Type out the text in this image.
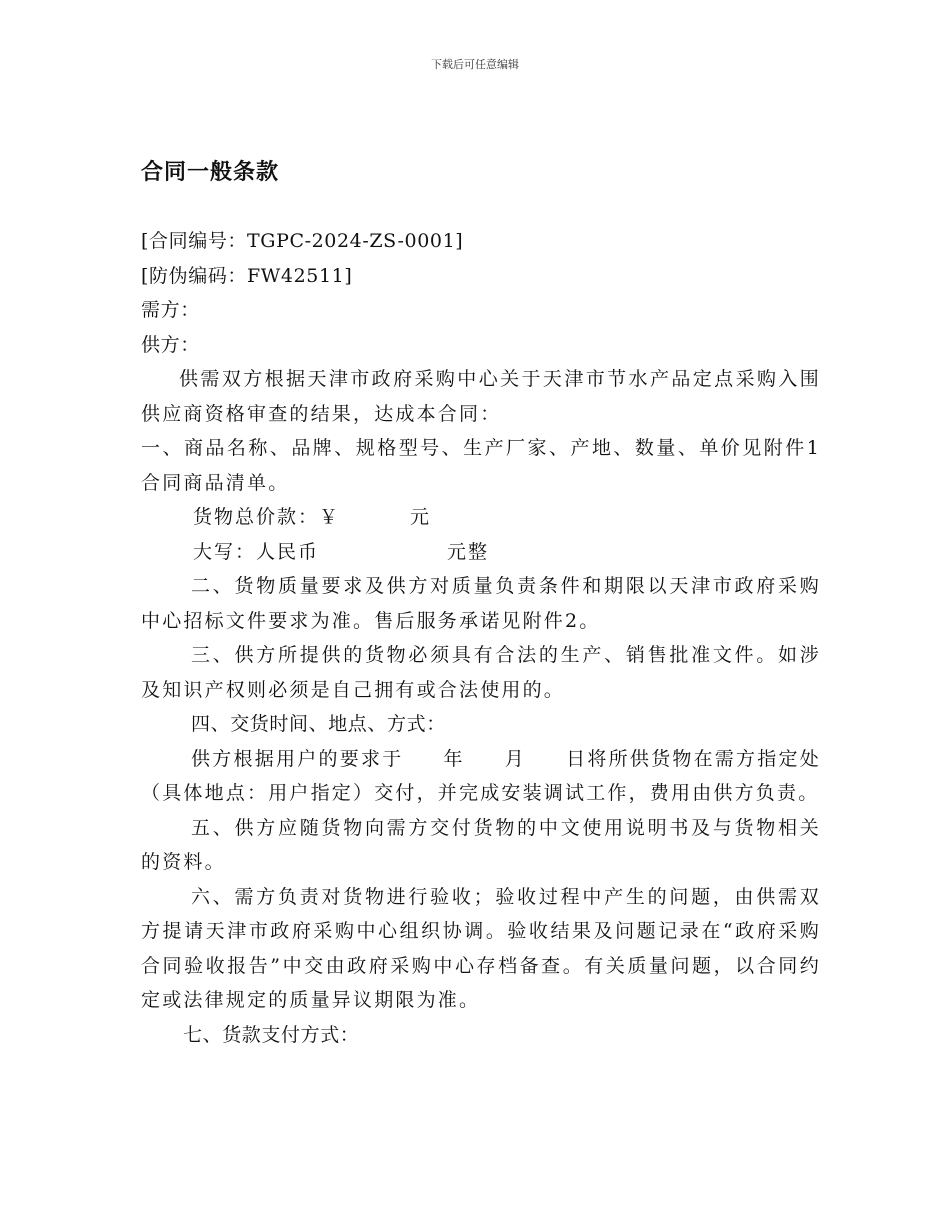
下载后可任意编辑
合同一般条款
[合同编号：TGPC-2024-ZS-0001]
[防伪编码：FW42511]
需方：
供方：
供需双方根据天津市政府采购中心关于天津市节水产品定点采购入围供应商资格审查的结果，达成本合同：
一、商品名称、品牌、规格型号、生产厂家、产地、数量、单价见附件1合同商品清单。
货物总价款：￥	元
大写：人民币	元整
二、货物质量要求及供方对质量负责条件和期限以天津市政府采购中心招标文件要求为准。售后服务承诺见附件2。
三、供方所提供的货物必须具有合法的生产、销售批准文件。如涉及知识产权则必须是自己拥有或合法使用的。
四、交货时间、地点、方式：
供方根据用户的要求于 年 月 日将所供货物在需方指定处（具体地点：用户指定）交付，并完成安装调试工作，费用由供方负责。
五、供方应随货物向需方交付货物的中文使用说明书及与货物相关的资料。
六、需方负责对货物进行验收；验收过程中产生的问题，由供需双方提请天津市政府采购中心组织协调。验收结果及问题记录在“政府采购合同验收报告”中交由政府采购中心存档备查。有关质量问题，以合同约定或法律规定的质量异议期限为准。
七、货款支付方式：
